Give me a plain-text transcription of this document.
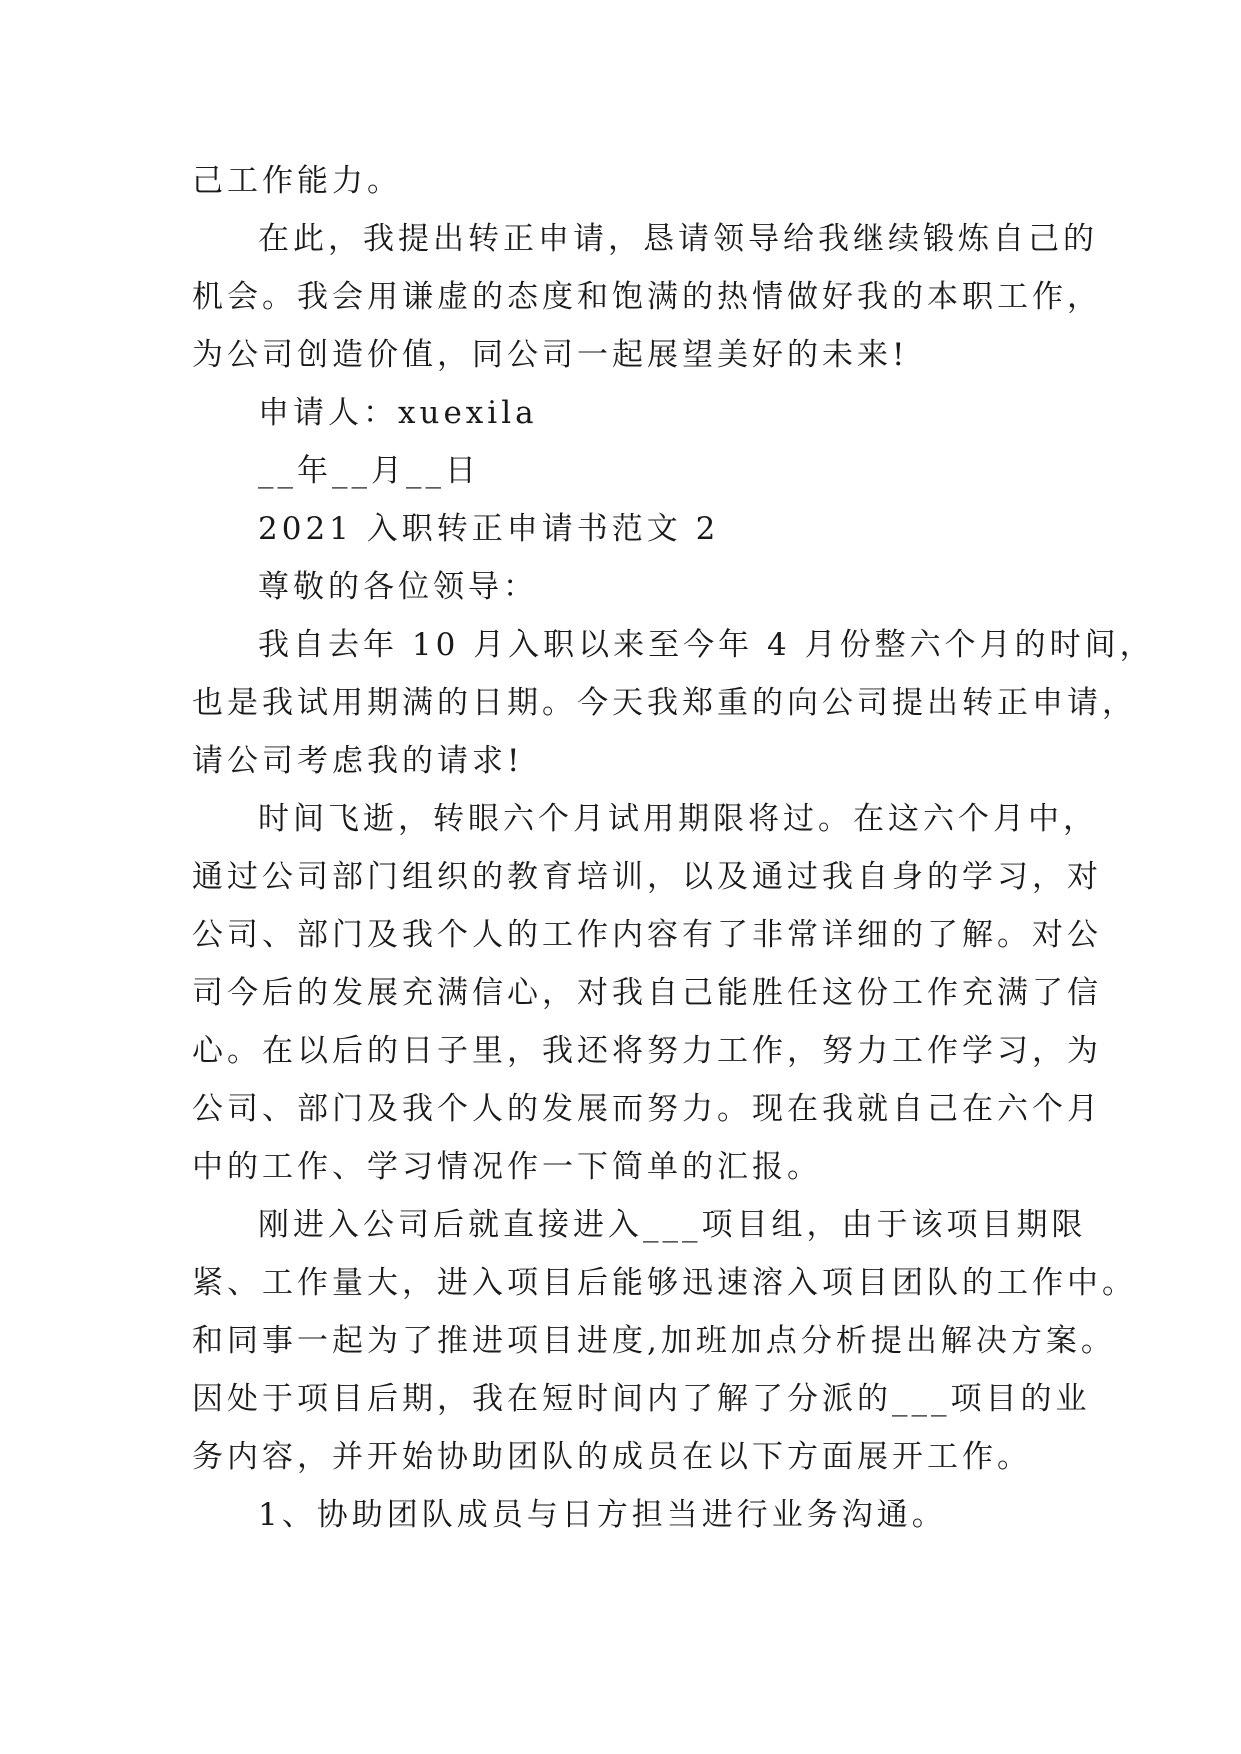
己工作能力。

在此，我提出转正申请，恳请领导给我继续锻炼自己的

机会。我会用谦虚的态度和饱满的热情做好我的本职工作，

为公司创造价值，同公司一起展望美好的未来!

申请人：xuexila

__年__月__日

2021 入职转正申请书范文 2

尊敬的各位领导：

我自去年 10 月入职以来至今年 4 月份整六个月的时间，

也是我试用期满的日期。今天我郑重的向公司提出转正申请，

请公司考虑我的请求!

时间飞逝，转眼六个月试用期限将过。在这六个月中，

通过公司部门组织的教育培训，以及通过我自身的学习，对

公司、部门及我个人的工作内容有了非常详细的了解。对公

司今后的发展充满信心，对我自己能胜任这份工作充满了信

心。在以后的日子里，我还将努力工作，努力工作学习，为

公司、部门及我个人的发展而努力。现在我就自己在六个月

中的工作、学习情况作一下简单的汇报。

刚进入公司后就直接进入___项目组，由于该项目期限

紧、工作量大，进入项目后能够迅速溶入项目团队的工作中。

和同事一起为了推进项目进度,加班加点分析提出解决方案。

因处于项目后期，我在短时间内了解了分派的___项目的业

务内容，并开始协助团队的成员在以下方面展开工作。

1、协助团队成员与日方担当进行业务沟通。
